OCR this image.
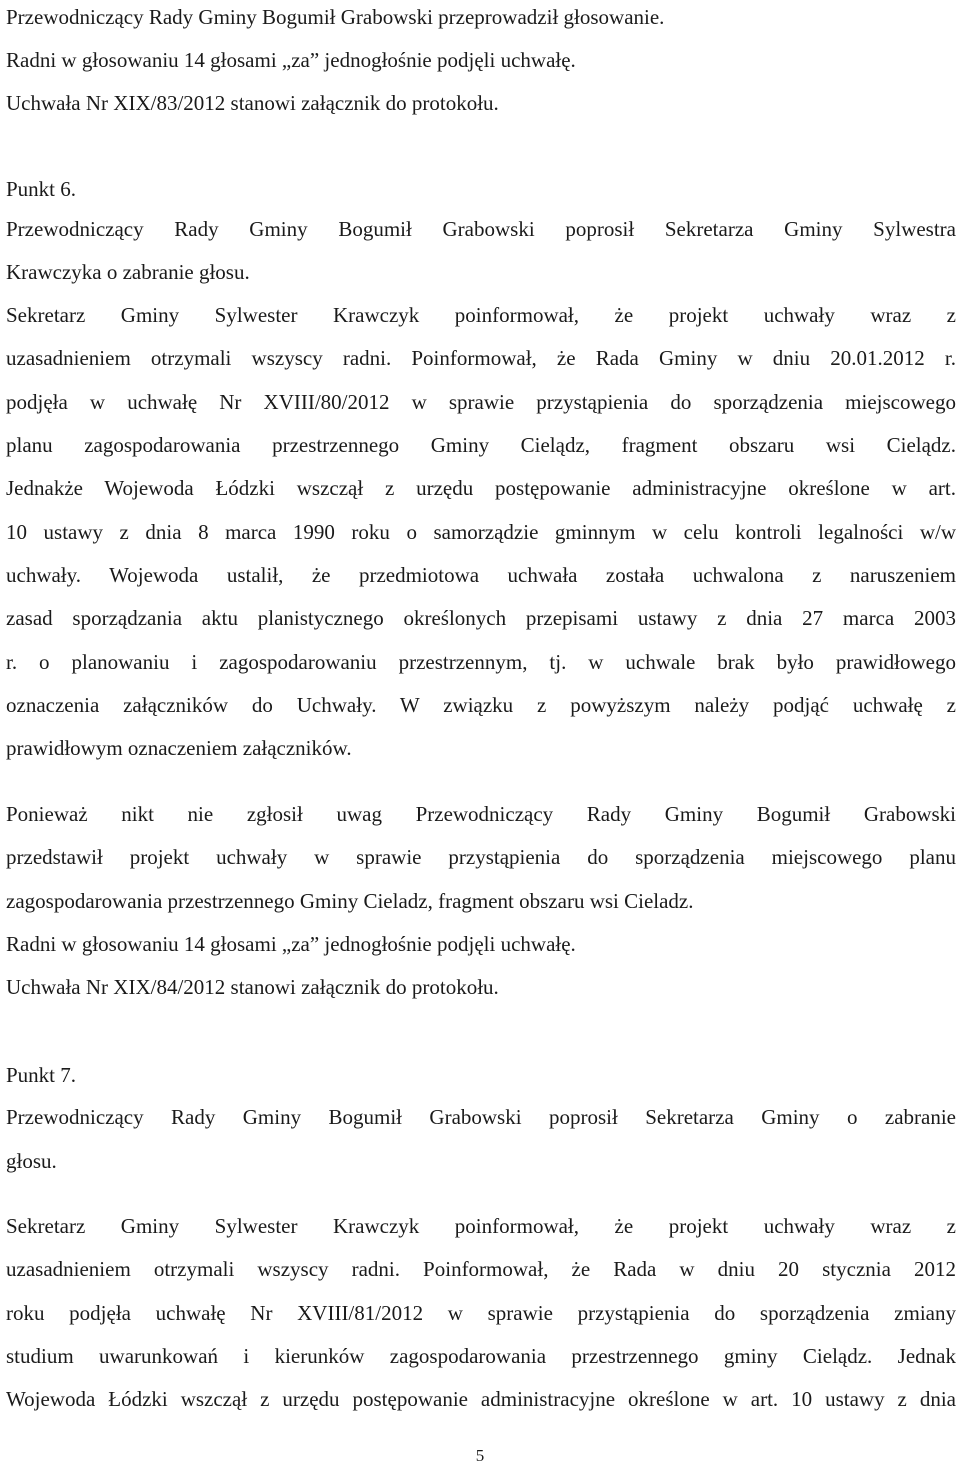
Przewodniczący Rady Gminy Bogumił Grabowski przeprowadził głosowanie.
Radni w głosowaniu 14 głosami „za” jednogłośnie podjęli uchwałę.
Uchwała Nr XIX/83/2012 stanowi załącznik do protokołu.
Punkt 6.
Przewodniczący Rady Gminy Bogumił Grabowski poprosił Sekretarza Gminy Sylwestra
Krawczyka o zabranie głosu.
Sekretarz Gminy Sylwester Krawczyk poinformował, że projekt uchwały wraz z
uzasadnieniem otrzymali wszyscy radni. Poinformował, że Rada Gminy w dniu 20.01.2012 r.
podjęła w uchwałę Nr XVIII/80/2012 w sprawie przystąpienia do sporządzenia miejscowego
planu zagospodarowania przestrzennego Gminy Cielądz, fragment obszaru wsi Cielądz.
Jednakże Wojewoda Łódzki wszczął z urzędu postępowanie administracyjne określone w art.
10 ustawy z dnia 8 marca 1990 roku o samorządzie gminnym w celu kontroli legalności w/w
uchwały. Wojewoda ustalił, że przedmiotowa uchwała została uchwalona z naruszeniem
zasad sporządzania aktu planistycznego określonych przepisami ustawy z dnia 27 marca 2003
r. o planowaniu i zagospodarowaniu przestrzennym, tj. w uchwale brak było prawidłowego
oznaczenia załączników do Uchwały. W związku z powyższym należy podjąć uchwałę z
prawidłowym oznaczeniem załączników.
Ponieważ nikt nie zgłosił uwag Przewodniczący Rady Gminy Bogumił Grabowski
przedstawił projekt uchwały w sprawie przystąpienia do sporządzenia miejscowego planu
zagospodarowania przestrzennego Gminy Cieladz, fragment obszaru wsi Cieladz.
Radni w głosowaniu 14 głosami „za” jednogłośnie podjęli uchwałę.
Uchwała Nr XIX/84/2012 stanowi załącznik do protokołu.
Punkt 7.
Przewodniczący Rady Gminy Bogumił Grabowski poprosił Sekretarza Gminy o zabranie
głosu.
Sekretarz Gminy Sylwester Krawczyk poinformował, że projekt uchwały wraz z
uzasadnieniem otrzymali wszyscy radni. Poinformował, że Rada w dniu 20 stycznia 2012
roku podjęła uchwałę Nr XVIII/81/2012 w sprawie przystąpienia do sporządzenia zmiany
studium uwarunkowań i kierunków zagospodarowania przestrzennego gminy Cielądz. Jednak
Wojewoda Łódzki wszczął z urzędu postępowanie administracyjne określone w art. 10 ustawy z dnia
5
